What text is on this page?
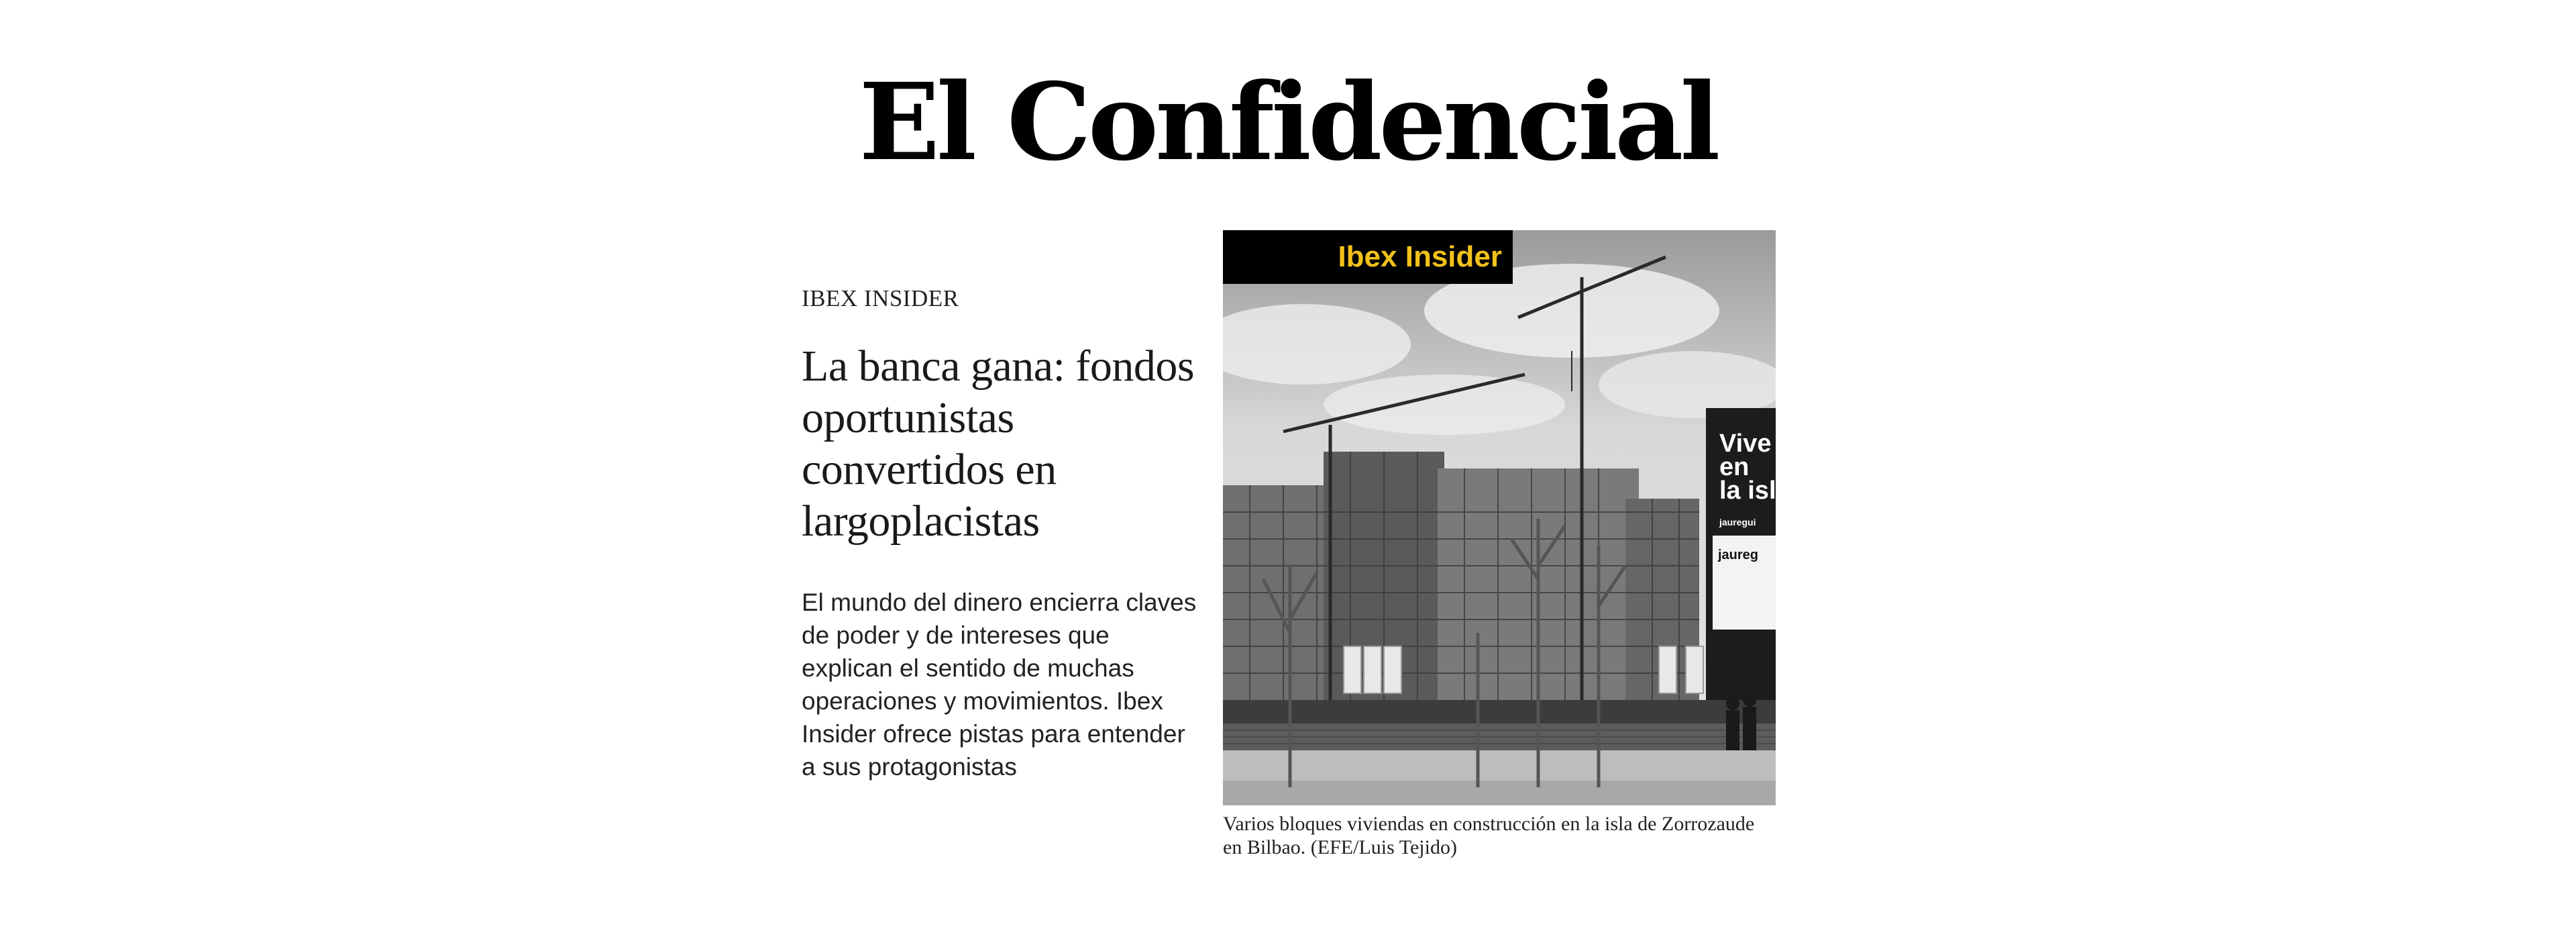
El Confidencial

IBEX INSIDER

La banca gana: fondos oportunistas convertidos en largoplacistas

El mundo del dinero encierra claves de poder y de intereses que explican el sentido de muchas operaciones y movimientos. Ibex Insider ofrece pistas para entender a sus protagonistas

Vive
en
la isl
jauregui
jaureg
Ibex Insider
Varios bloques viviendas en construcción en la isla de Zorrozaude en Bilbao. (EFE/Luis Tejido)
